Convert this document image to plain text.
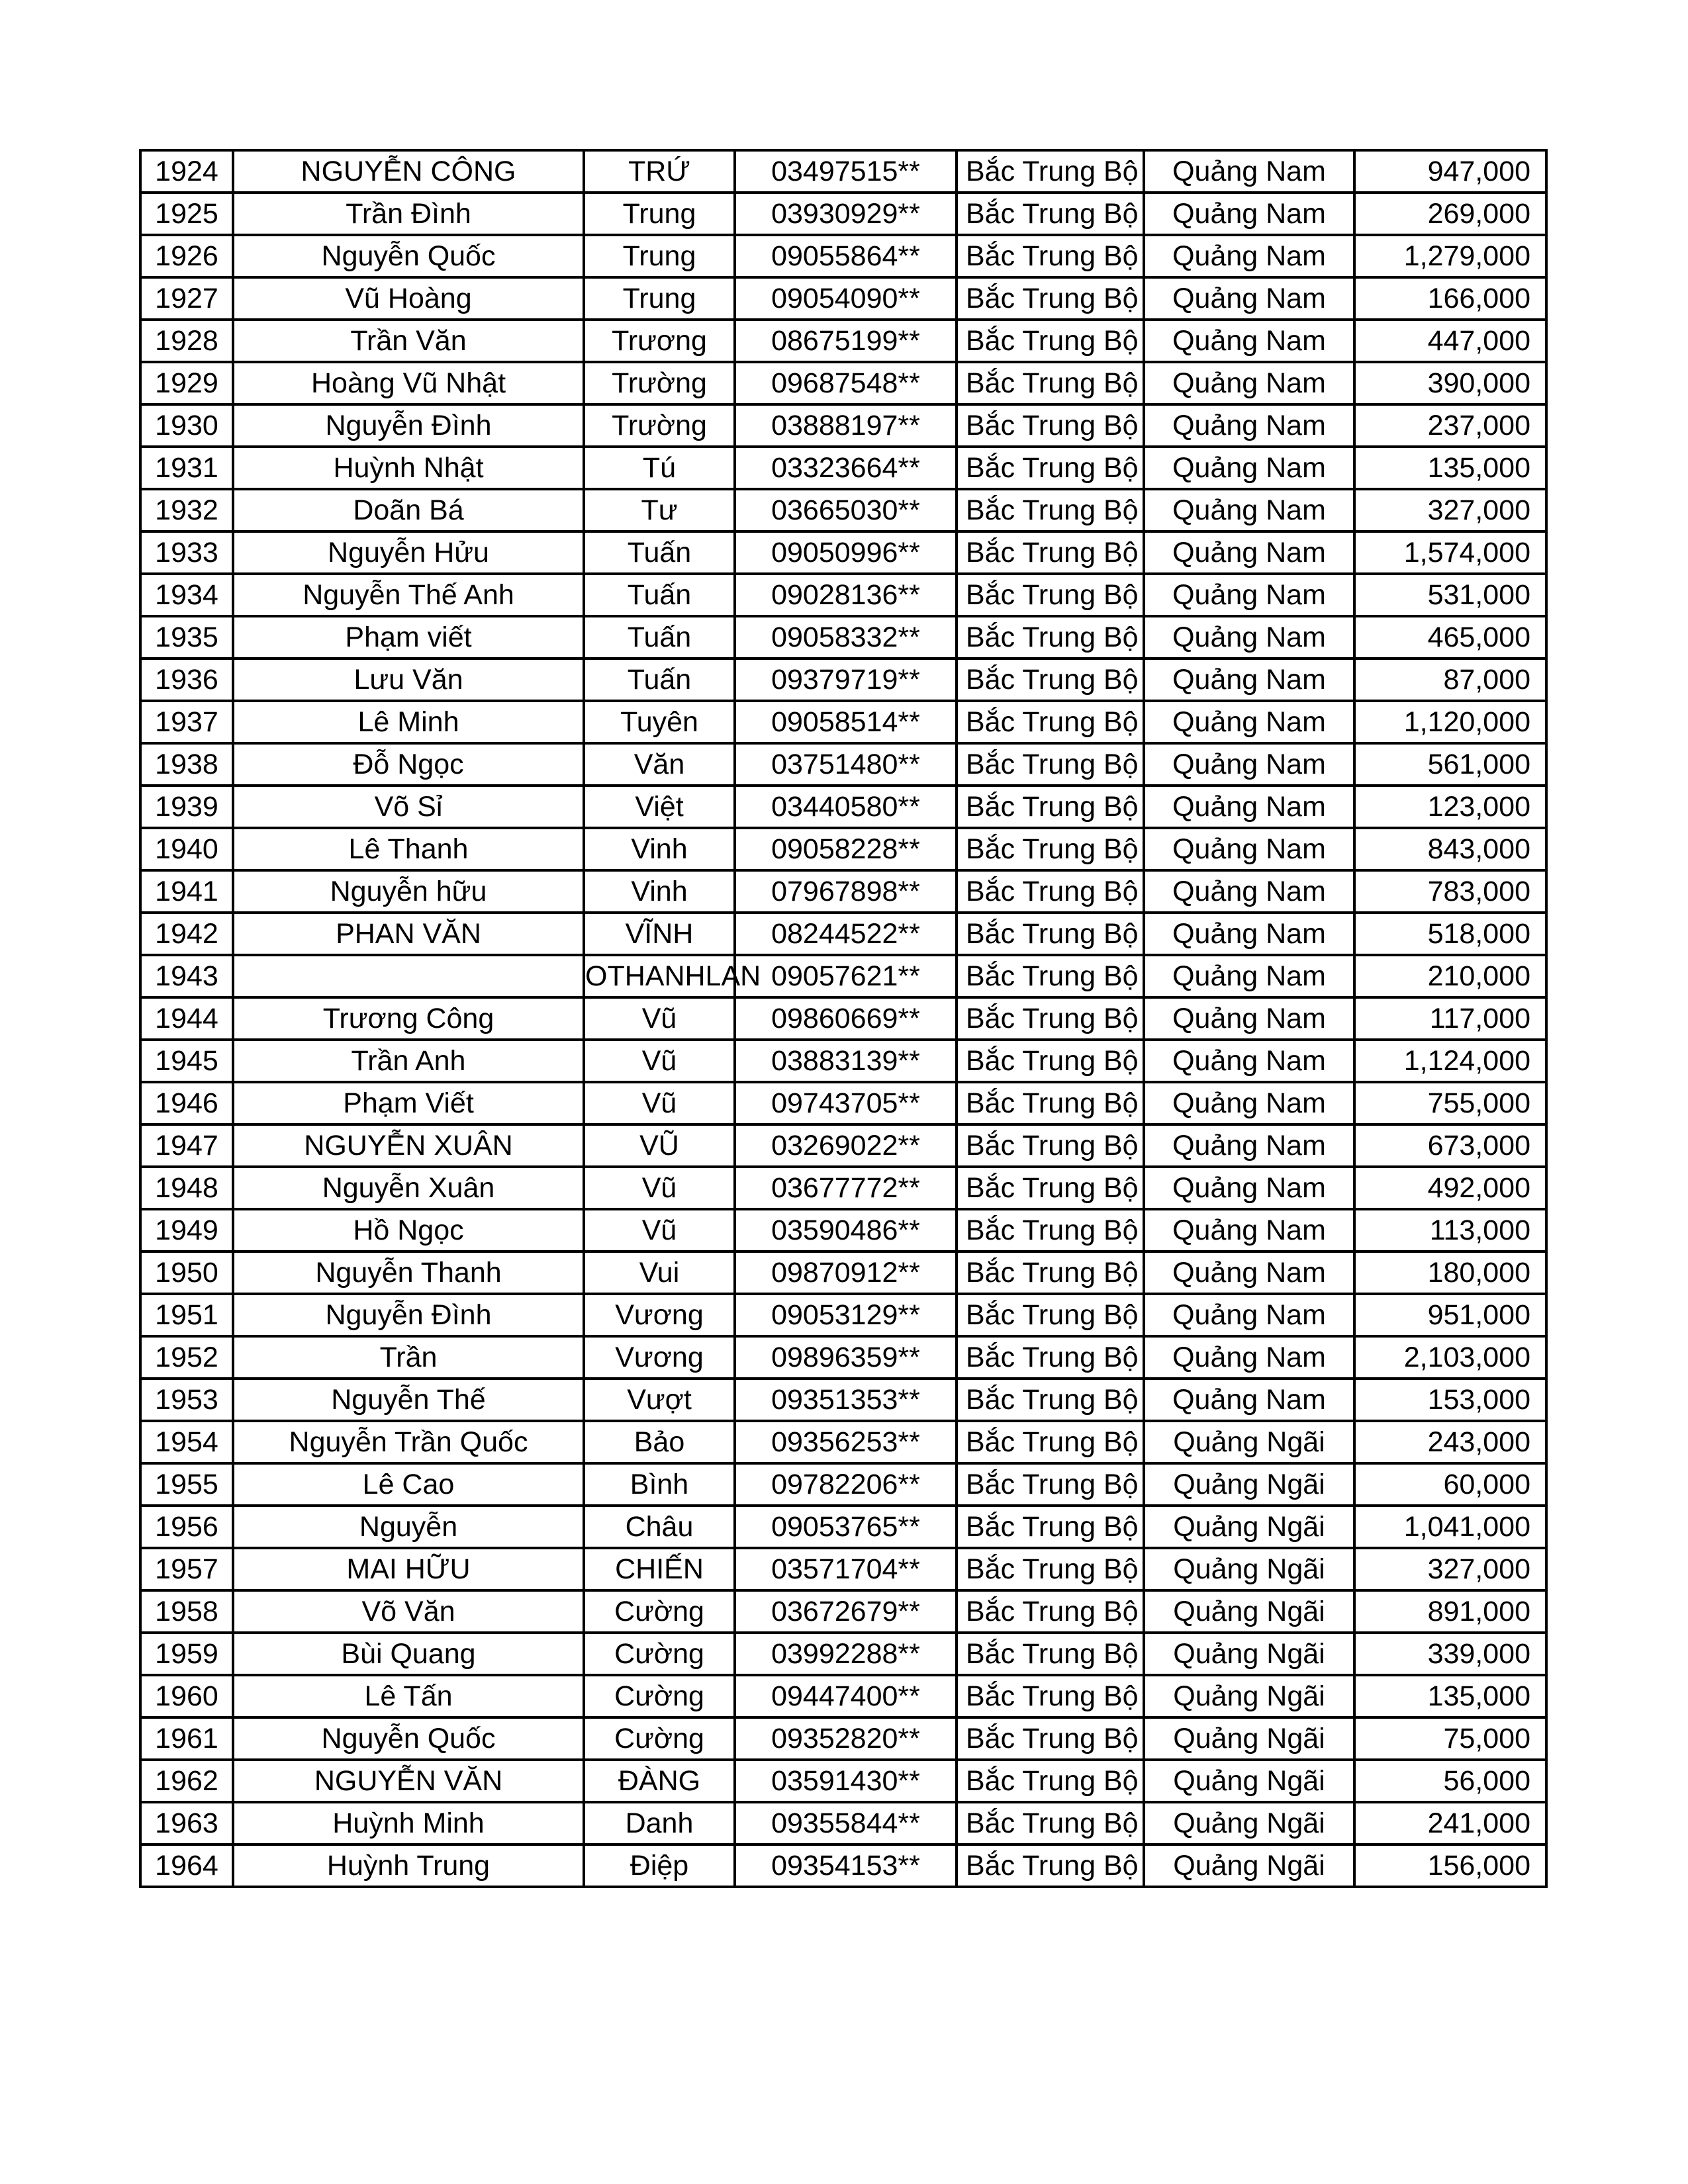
1924	NGUYỄN CÔNG	TRỨ	03497515**	Bắc Trung Bộ	Quảng Nam	947,000
1925	Trần Đình	Trung	03930929**	Bắc Trung Bộ	Quảng Nam	269,000
1926	Nguyễn Quốc	Trung	09055864**	Bắc Trung Bộ	Quảng Nam	1,279,000
1927	Vũ Hoàng	Trung	09054090**	Bắc Trung Bộ	Quảng Nam	166,000
1928	Trần Văn	Trương	08675199**	Bắc Trung Bộ	Quảng Nam	447,000
1929	Hoàng Vũ Nhật	Trường	09687548**	Bắc Trung Bộ	Quảng Nam	390,000
1930	Nguyễn Đình	Trường	03888197**	Bắc Trung Bộ	Quảng Nam	237,000
1931	Huỳnh Nhật	Tú	03323664**	Bắc Trung Bộ	Quảng Nam	135,000
1932	Doãn Bá	Tư	03665030**	Bắc Trung Bộ	Quảng Nam	327,000
1933	Nguyễn Hửu	Tuấn	09050996**	Bắc Trung Bộ	Quảng Nam	1,574,000
1934	Nguyễn Thế Anh	Tuấn	09028136**	Bắc Trung Bộ	Quảng Nam	531,000
1935	Phạm viết	Tuấn	09058332**	Bắc Trung Bộ	Quảng Nam	465,000
1936	Lưu Văn	Tuấn	09379719**	Bắc Trung Bộ	Quảng Nam	87,000
1937	Lê Minh	Tuyên	09058514**	Bắc Trung Bộ	Quảng Nam	1,120,000
1938	Đỗ Ngọc	Văn	03751480**	Bắc Trung Bộ	Quảng Nam	561,000
1939	Võ Sỉ	Việt	03440580**	Bắc Trung Bộ	Quảng Nam	123,000
1940	Lê Thanh	Vinh	09058228**	Bắc Trung Bộ	Quảng Nam	843,000
1941	Nguyễn hữu	Vinh	07967898**	Bắc Trung Bộ	Quảng Nam	783,000
1942	PHAN VĂN	VĨNH	08244522**	Bắc Trung Bộ	Quảng Nam	518,000
1943		OTHANHLAN	09057621**	Bắc Trung Bộ	Quảng Nam	210,000
1944	Trương Công	Vũ	09860669**	Bắc Trung Bộ	Quảng Nam	117,000
1945	Trần Anh	Vũ	03883139**	Bắc Trung Bộ	Quảng Nam	1,124,000
1946	Phạm Viết	Vũ	09743705**	Bắc Trung Bộ	Quảng Nam	755,000
1947	NGUYỄN XUÂN	VŨ	03269022**	Bắc Trung Bộ	Quảng Nam	673,000
1948	Nguyễn Xuân	Vũ	03677772**	Bắc Trung Bộ	Quảng Nam	492,000
1949	Hồ Ngọc	Vũ	03590486**	Bắc Trung Bộ	Quảng Nam	113,000
1950	Nguyễn Thanh	Vui	09870912**	Bắc Trung Bộ	Quảng Nam	180,000
1951	Nguyễn Đình	Vương	09053129**	Bắc Trung Bộ	Quảng Nam	951,000
1952	Trần	Vương	09896359**	Bắc Trung Bộ	Quảng Nam	2,103,000
1953	Nguyễn Thế	Vượt	09351353**	Bắc Trung Bộ	Quảng Nam	153,000
1954	Nguyễn Trần Quốc	Bảo	09356253**	Bắc Trung Bộ	Quảng Ngãi	243,000
1955	Lê Cao	Bình	09782206**	Bắc Trung Bộ	Quảng Ngãi	60,000
1956	Nguyễn	Châu	09053765**	Bắc Trung Bộ	Quảng Ngãi	1,041,000
1957	MAI HỮU	CHIẾN	03571704**	Bắc Trung Bộ	Quảng Ngãi	327,000
1958	Võ Văn	Cường	03672679**	Bắc Trung Bộ	Quảng Ngãi	891,000
1959	Bùi Quang	Cường	03992288**	Bắc Trung Bộ	Quảng Ngãi	339,000
1960	Lê Tấn	Cường	09447400**	Bắc Trung Bộ	Quảng Ngãi	135,000
1961	Nguyễn Quốc	Cường	09352820**	Bắc Trung Bộ	Quảng Ngãi	75,000
1962	NGUYỄN VĂN	ĐÀNG	03591430**	Bắc Trung Bộ	Quảng Ngãi	56,000
1963	Huỳnh Minh	Danh	09355844**	Bắc Trung Bộ	Quảng Ngãi	241,000
1964	Huỳnh Trung	Điệp	09354153**	Bắc Trung Bộ	Quảng Ngãi	156,000
